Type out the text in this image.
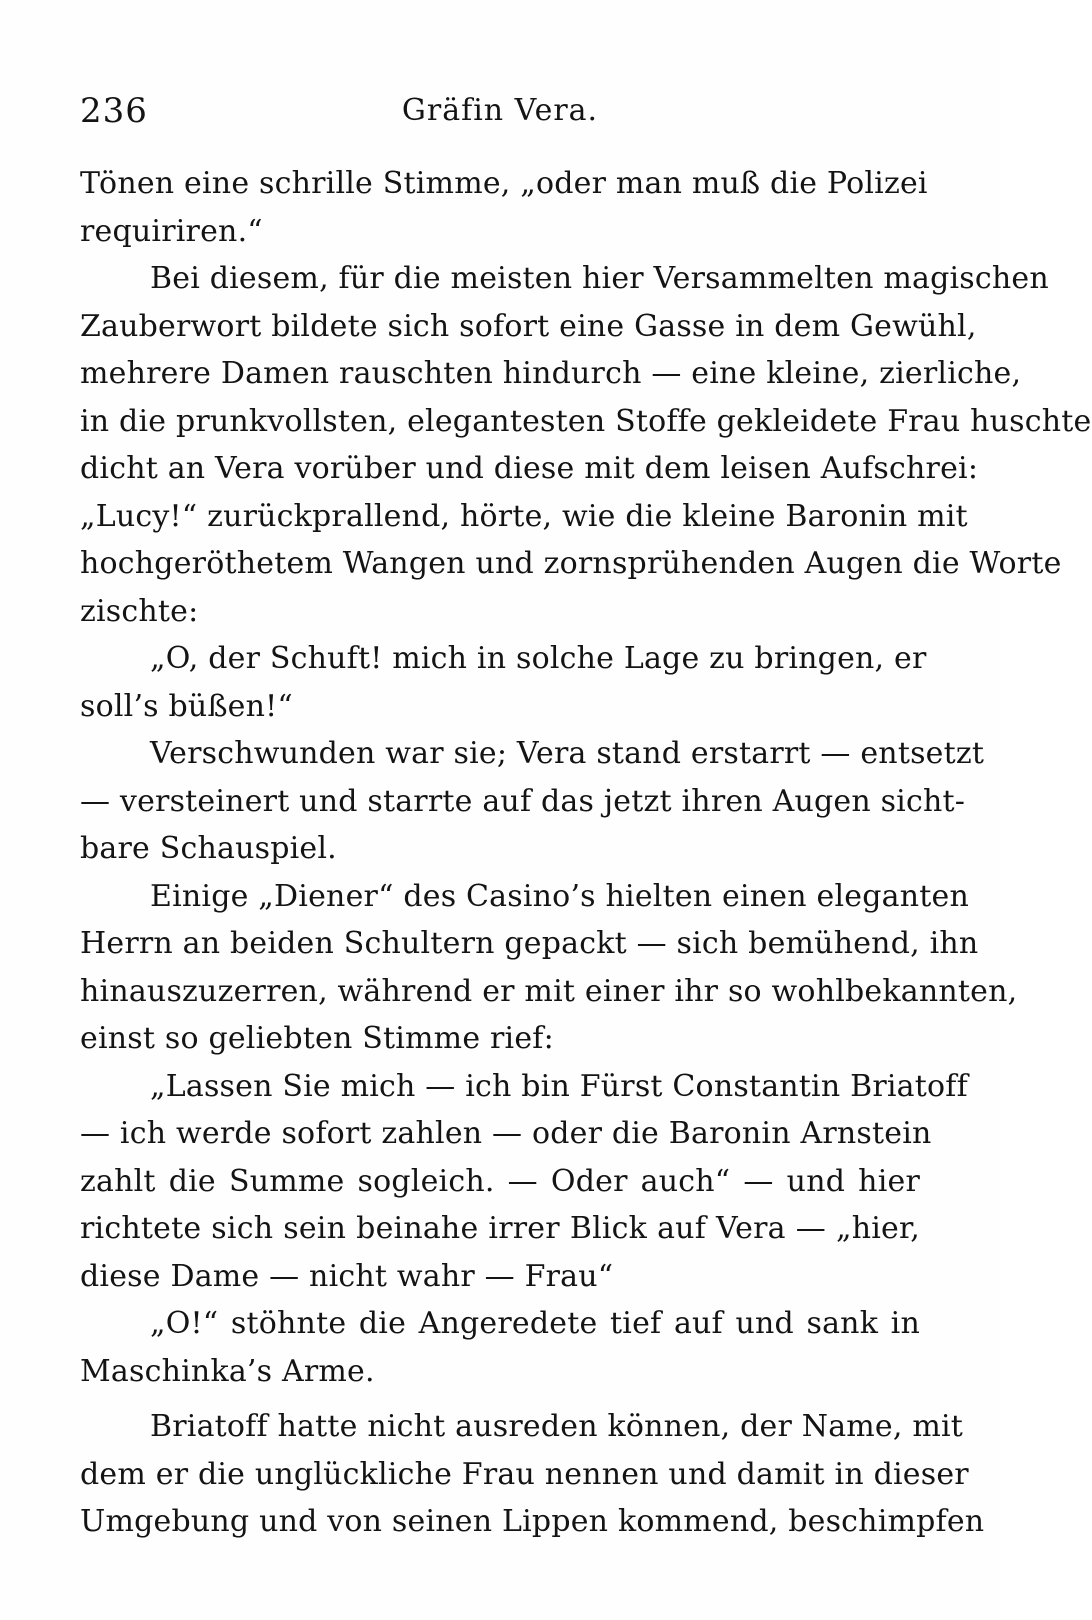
236	Gräfin Vera.
Tönen eine schrille Stimme, „oder man muß die Polizei
requiriren.“
Bei diesem, für die meisten hier Versammelten magischen
Zauberwort bildete sich sofort eine Gasse in dem Gewühl,
mehrere Damen rauschten hindurch — eine kleine, zierliche,
in die prunkvollsten, elegantesten Stoffe gekleidete Frau huschte
dicht an Vera vorüber und diese mit dem leisen Aufschrei:
„Lucy!“ zurückprallend, hörte, wie die kleine Baronin mit
hochgeröthetem Wangen und zornsprühenden Augen die Worte
zischte:
„O, der Schuft! mich in solche Lage zu bringen, er
soll’s büßen!“
Verschwunden war sie; Vera stand erstarrt — entsetzt
— versteinert und starrte auf das jetzt ihren Augen sicht-
bare Schauspiel.
Einige „Diener“ des Casino’s hielten einen eleganten
Herrn an beiden Schultern gepackt — sich bemühend, ihn
hinauszuzerren, während er mit einer ihr so wohlbekannten,
einst so geliebten Stimme rief:
„Lassen Sie mich — ich bin Fürst Constantin Briatoff
— ich werde sofort zahlen — oder die Baronin Arnstein
zahlt die Summe sogleich. — Oder auch“ — und hier
richtete sich sein beinahe irrer Blick auf Vera — „hier,
diese Dame — nicht wahr — Frau“
„O!“ stöhnte die Angeredete tief auf und sank in
Maschinka’s Arme.
Briatoff hatte nicht ausreden können, der Name, mit
dem er die unglückliche Frau nennen und damit in dieser
Umgebung und von seinen Lippen kommend, beschimpfen
